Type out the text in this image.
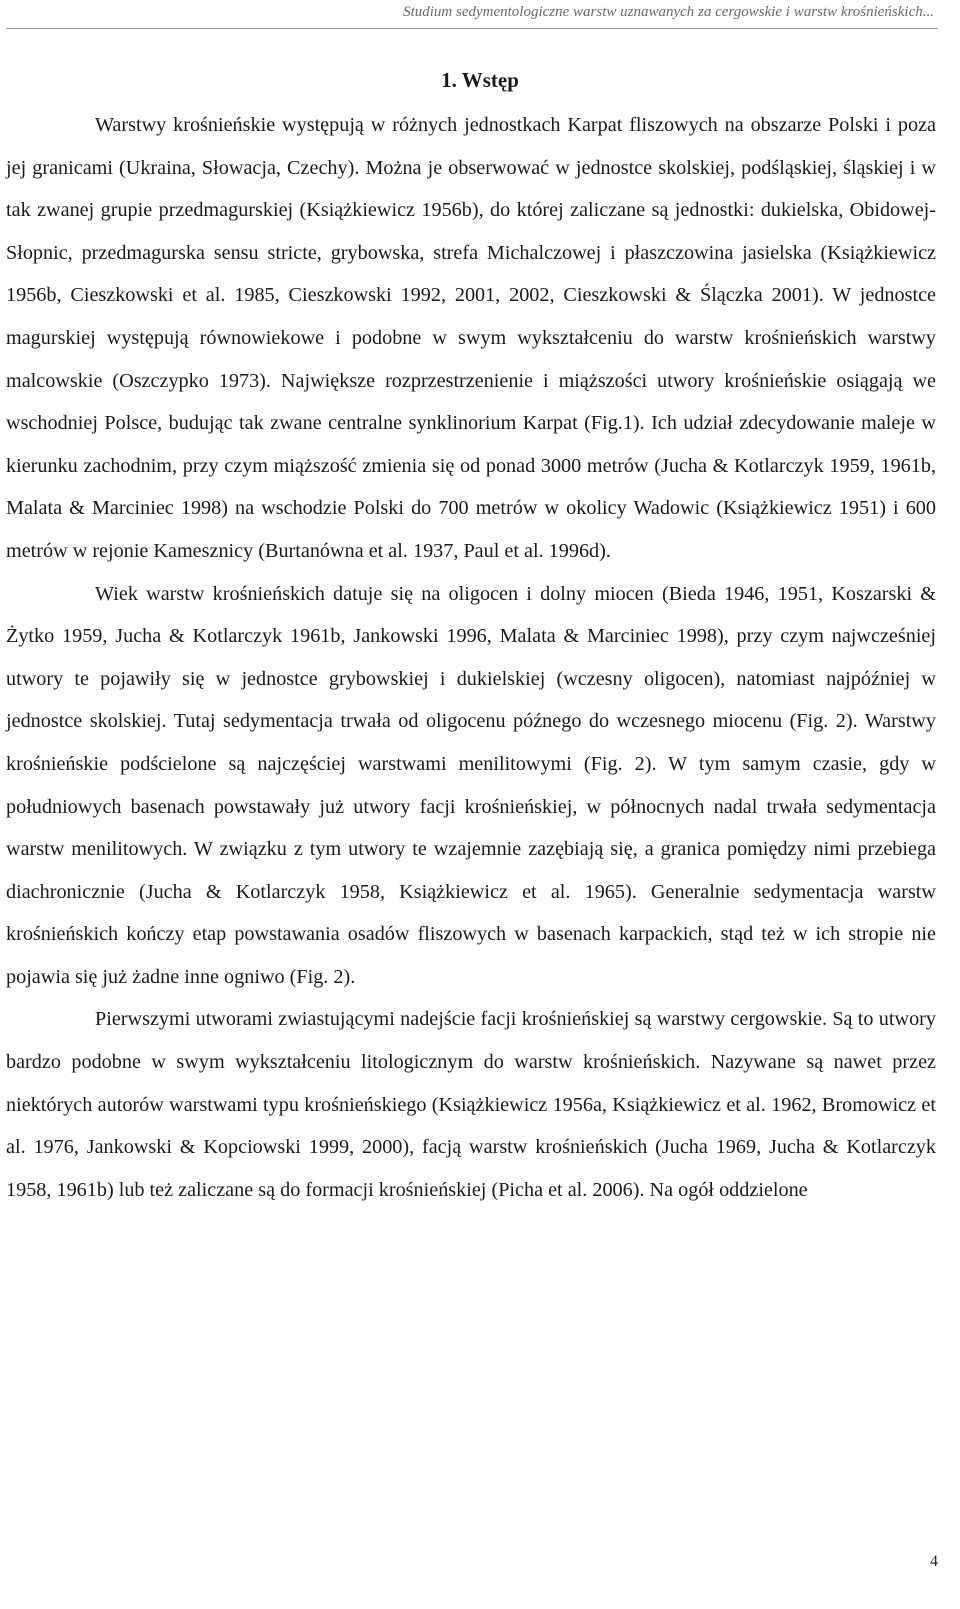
Studium sedymentologiczne warstw uznawanych za cergowskie i warstw krośnieńskich...
1. Wstęp

Warstwy krośnieńskie występują w różnych jednostkach Karpat fliszowych na obszarze Polski i poza jej granicami (Ukraina, Słowacja, Czechy). Można je obserwować w jednostce skolskiej, podśląskiej, śląskiej i w tak zwanej grupie przedmagurskiej (Książkiewicz 1956b), do której zaliczane są jednostki: dukielska, Obidowej-Słopnic, przedmagurska sensu stricte, grybowska, strefa Michalczowej i płaszczowina jasielska (Książkiewicz 1956b, Cieszkowski et al. 1985, Cieszkowski 1992, 2001, 2002, Cieszkowski & Ślączka 2001). W jednostce magurskiej występują równowiekowe i podobne w swym wykształceniu do warstw krośnieńskich warstwy malcowskie (Oszczypko 1973). Największe rozprzestrzenienie i miąższości utwory krośnieńskie osiągają we wschodniej Polsce, budując tak zwane centralne synklinorium Karpat (Fig.1). Ich udział zdecydowanie maleje w kierunku zachodnim, przy czym miąższość zmienia się od ponad 3000 metrów (Jucha & Kotlarczyk 1959, 1961b, Malata & Marciniec 1998) na wschodzie Polski do 700 metrów w okolicy Wadowic (Książkiewicz 1951) i 600 metrów w rejonie Kamesznicy (Burtanówna et al. 1937, Paul et al. 1996d).

Wiek warstw krośnieńskich datuje się na oligocen i dolny miocen (Bieda 1946, 1951, Koszarski & Żytko 1959, Jucha & Kotlarczyk 1961b, Jankowski 1996, Malata & Marciniec 1998), przy czym najwcześniej utwory te pojawiły się w jednostce grybowskiej i dukielskiej (wczesny oligocen), natomiast najpóźniej w jednostce skolskiej. Tutaj sedymentacja trwała od oligocenu późnego do wczesnego miocenu (Fig. 2). Warstwy krośnieńskie podścielone są najczęściej warstwami menilitowymi (Fig. 2). W tym samym czasie, gdy w południowych basenach powstawały już utwory facji krośnieńskiej, w północnych nadal trwała sedymentacja warstw menilitowych. W związku z tym utwory te wzajemnie zazębiają się, a granica pomiędzy nimi przebiega diachronicznie (Jucha & Kotlarczyk 1958, Książkiewicz et al. 1965). Generalnie sedymentacja warstw krośnieńskich kończy etap powstawania osadów fliszowych w basenach karpackich, stąd też w ich stropie nie pojawia się już żadne inne ogniwo (Fig. 2).

Pierwszymi utworami zwiastującymi nadejście facji krośnieńskiej są warstwy cergowskie. Są to utwory bardzo podobne w swym wykształceniu litologicznym do warstw krośnieńskich. Nazywane są nawet przez niektórych autorów warstwami typu krośnieńskiego (Książkiewicz 1956a, Książkiewicz et al. 1962, Bromowicz et al. 1976, Jankowski & Kopciowski 1999, 2000), facją warstw krośnieńskich (Jucha 1969, Jucha & Kotlarczyk 1958, 1961b) lub też zaliczane są do formacji krośnieńskiej (Picha et al. 2006). Na ogół oddzielone

4
